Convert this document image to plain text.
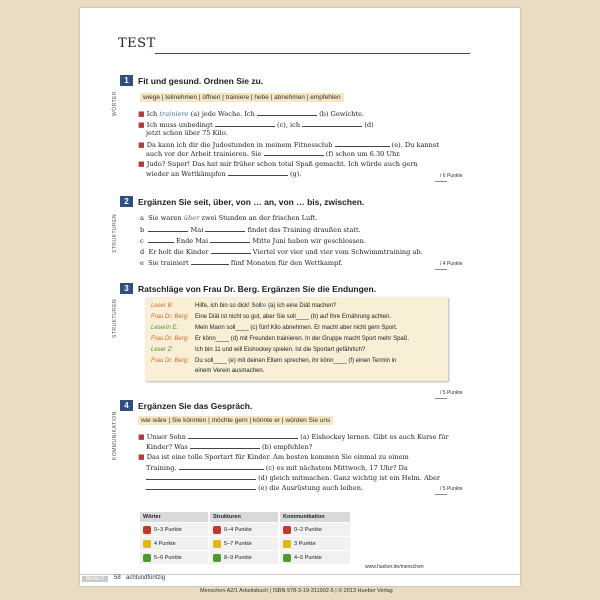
TEST
1	Fit und gesund. Ordnen Sie zu.
WÖRTER	wiege | teilnehmen | öffnen | trainiere | hebe | abnehmen | empfehlen
■ Ich trainiere (a) jede Woche. Ich	(b) Gewichte.
■ Ich muss unbedingt	(c), ich	(d)
jetzt schon über 75 Kilo.
■ Da kann ich dir die Judostunden in meinem Fitnessclub	(e). Du kannst
auch vor der Arbeit trainieren. Sie	(f) schon um 6.30 Uhr.
■ Judo? Super! Das hat mir früher schon total Spaß gemacht. Ich würde auch gern
wieder an Wettkämpfen	(g).	/ 6 Punkte
2	Ergänzen Sie seit, über, von … an, von … bis, zwischen.
STRUKTUREN	a Sie waren über zwei Stunden an der frischen Luft.
b	Mai	findet das Training draußen statt.
c	Ende Mai	Mitte Juni haben wir geschlossen.
d Er holt die Kinder	Viertel vor vier und vier vom Schwimmtraining ab.
e Sie trainiert	fünf Monaten für den Wettkampf.	/ 4 Punkte
3	Ratschläge von Frau Dr. Berg. Ergänzen Sie die Endungen.
STRUKTUREN	Leser B:	Hilfe, ich bin so dick! Sollte (a) ich eine Diät machen?
Frau Dr. Berg: Eine Diät ist nicht so gut, aber Sie soll____ (b) auf Ihre Ernährung achten.
Leserin E:	Mein Mann soll____ (c) fünf Kilo abnehmen. Er macht aber nicht gern Sport.
Frau Dr. Berg: Er könn____ (d) mit Freunden trainieren. In der Gruppe macht Sport mehr Spaß.
Leser Z:	Ich bin 11 und will Eishockey spielen. Ist die Sportart gefährlich?
Frau Dr. Berg: Du soll____ (e) mit deinen Eltern sprechen, ihr könn____ (f) einen Termin in
einem Verein ausmachen.
/ 5 Punkte
4	Ergänzen Sie das Gespräch.
KOMMUNIKATION	wie wäre | Sie könnten | möchte gern | könnte er | würden Sie uns
■ Unser Sohn	(a) Eishockey lernen. Gibt es auch Kurse für
Kinder? Was	(b) empfehlen?
■ Das ist eine tolle Sportart für Kinder. Am besten kommen Sie einmal zu einem
Training.	(c) es mit nächstem Mittwoch, 17 Uhr? Da
(d) gleich mitmachen. Ganz wichtig ist ein Helm. Aber
(e) die Ausrüstung auch leihen.	/ 5 Punkte
Wörter	Strukturen	Kommunikation
0–3 Punkte	0–4 Punkte	0–2 Punkte
4 Punkte	5–7 Punkte	3 Punkte
5–6 Punkte	8–9 Punkte	4–5 Punkte
www.hueber.de/menschen
Modul 3	58 achtundfünfzig
Menschen A2/1 Arbeitsbuch | ISBN 978-3-19-311902-5 | © 2013 Hueber Verlag
